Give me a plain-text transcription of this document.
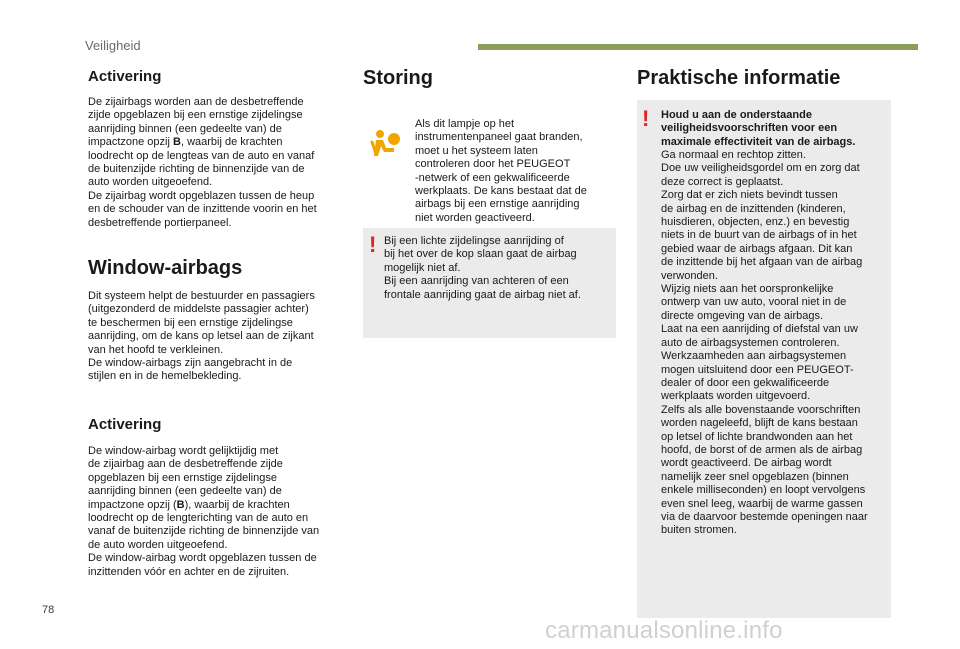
Veiligheid
Activering

De zijairbags worden aan de desbetreffende
zijde opgeblazen bij een ernstige zijdelingse
aanrijding binnen (een gedeelte van) de
impactzone opzij B, waarbij de krachten
loodrecht op de lengteas van de auto en vanaf
de buitenzijde richting de binnenzijde van de
auto worden uitgeoefend.
De zijairbag wordt opgeblazen tussen de heup
en de schouder van de inzittende voorin en het
desbetreffende portierpaneel.

Window-airbags

Dit systeem helpt de bestuurder en passagiers
(uitgezonderd de middelste passagier achter)
te beschermen bij een ernstige zijdelingse
aanrijding, om de kans op letsel aan de zijkant
van het hoofd te verkleinen.
De window-airbags zijn aangebracht in de
stijlen en in de hemelbekleding.

Activering

De window-airbag wordt gelijktijdig met
de zijairbag aan de desbetreffende zijde
opgeblazen bij een ernstige zijdelingse
aanrijding binnen (een gedeelte van) de
impactzone opzij (B), waarbij de krachten
loodrecht op de lengterichting van de auto en
vanaf de buitenzijde richting de binnenzijde van
de auto worden uitgeoefend.
De window-airbag wordt opgeblazen tussen de
inzittenden vóór en achter en de zijruiten.

Storing

Als dit lampje op het
instrumentenpaneel gaat branden,
moet u het systeem laten
controleren door het PEUGEOT
-netwerk of een gekwalificeerde
werkplaats. De kans bestaat dat de
airbags bij een ernstige aanrijding
niet worden geactiveerd.

! Bij een lichte zijdelingse aanrijding of
bij het over de kop slaan gaat de airbag
mogelijk niet af.
Bij een aanrijding van achteren of een
frontale aanrijding gaat de airbag niet af.

Praktische informatie
! Houd u aan de onderstaande
veiligheidsvoorschriften voor een
maximale effectiviteit van de airbags.

Ga normaal en rechtop zitten.
Doe uw veiligheidsgordel om en zorg dat
deze correct is geplaatst.
Zorg dat er zich niets bevindt tussen
de airbag en de inzittenden (kinderen,
huisdieren, objecten, enz.) en bevestig
niets in de buurt van de airbags of in het
gebied waar de airbags afgaan. Dit kan
de inzittende bij het afgaan van de airbag
verwonden.
Wijzig niets aan het oorspronkelijke
ontwerp van uw auto, vooral niet in de
directe omgeving van de airbags.
Laat na een aanrijding of diefstal van uw
auto de airbagsystemen controleren.
Werkzaamheden aan airbagsystemen
mogen uitsluitend door een PEUGEOT-
dealer of door een gekwalificeerde
werkplaats worden uitgevoerd.
Zelfs als alle bovenstaande voorschriften
worden nageleefd, blijft de kans bestaan
op letsel of lichte brandwonden aan het
hoofd, de borst of de armen als de airbag
wordt geactiveerd. De airbag wordt
namelijk zeer snel opgeblazen (binnen
enkele milliseconden) en loopt vervolgens
even snel leeg, waarbij de warme gassen
via de daarvoor bestemde openingen naar
buiten stromen.

78
carmanualsonline.info
